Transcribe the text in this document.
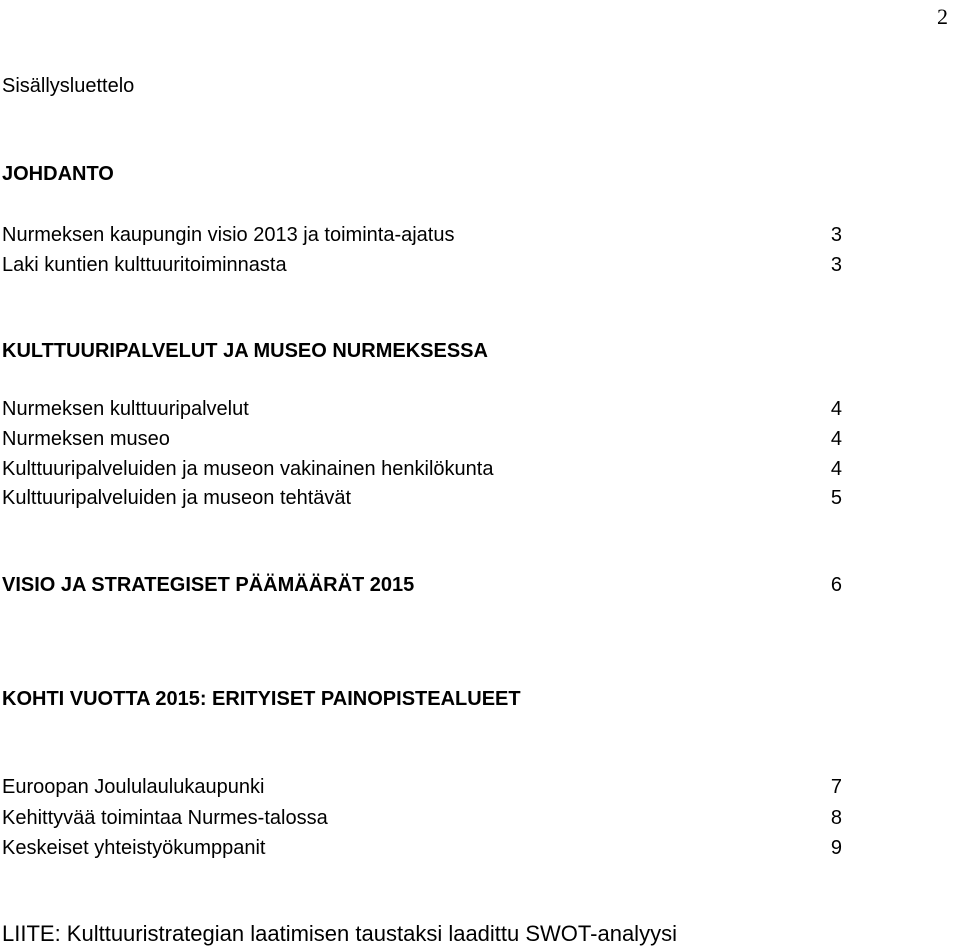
2
Sisällysluettelo
JOHDANTO
Nurmeksen kaupungin visio 2013 ja toiminta-ajatus	3
Laki kuntien kulttuuritoiminnasta	3
KULTTUURIPALVELUT JA MUSEO NURMEKSESSA
Nurmeksen kulttuuripalvelut	4
Nurmeksen museo	4
Kulttuuripalveluiden ja museon vakinainen henkilökunta	4
Kulttuuripalveluiden ja museon tehtävät	5
VISIO JA STRATEGISET PÄÄMÄÄRÄT 2015	6
KOHTI VUOTTA 2015: ERITYISET PAINOPISTEALUEET
Euroopan Joululaulukaupunki	7
Kehittyvää toimintaa Nurmes-talossa	8
Keskeiset yhteistyökumppanit	9
LIITE: Kulttuuristrategian laatimisen taustaksi laadittu SWOT-analyysi
